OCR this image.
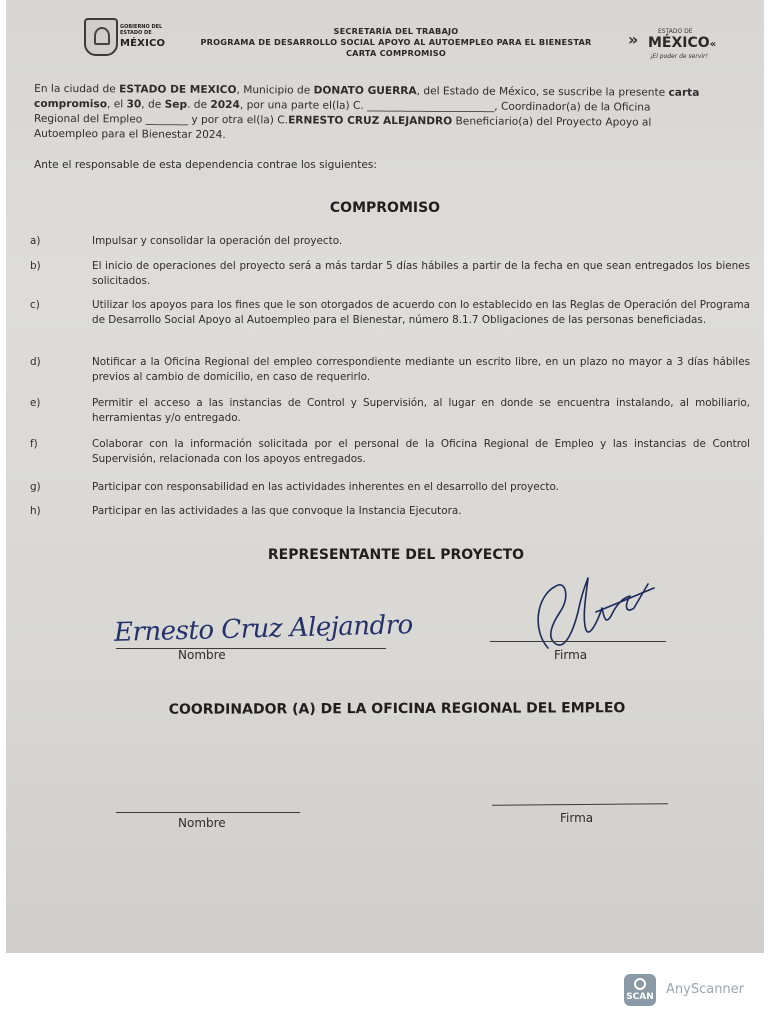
GOBIERNO DEL ESTADO DE
MÉXICO
SECRETARÍA DEL TRABAJO
PROGRAMA DE DESARROLLO SOCIAL APOYO AL AUTOEMPLEO PARA EL BIENESTAR
CARTA COMPROMISO
»	ESTADO DE
MÉXICO«
¡El poder de servir!
En la ciudad de ESTADO DE MEXICO, Municipio de DONATO GUERRA, del Estado de México, se suscribe la presente carta
compromiso, el 30, de Sep. de 2024, por una parte el(la) C. ________________________, Coordinador(a) de la Oficina
Regional del Empleo ________ y por otra el(la) C.ERNESTO CRUZ ALEJANDRO Beneficiario(a) del Proyecto Apoyo al
Autoempleo para el Bienestar 2024.
Ante el responsable de esta dependencia contrae los siguientes:
COMPROMISO
a)	Impulsar y consolidar la operación del proyecto.
b)	El inicio de operaciones del proyecto será a más tardar 5 días hábiles a partir de la fecha en que sean entregados los bienes solicitados.
c)	Utilizar los apoyos para los fines que le son otorgados de acuerdo con lo establecido en las Reglas de Operación del Programa de Desarrollo Social Apoyo al Autoempleo para el Bienestar, número 8.1.7 Obligaciones de las personas beneficiadas.
d)	Notificar a la Oficina Regional del empleo correspondiente mediante un escrito libre, en un plazo no mayor a 3 días hábiles previos al cambio de domicilio, en caso de requerirlo.
e)	Permitir el acceso a las instancias de Control y Supervisión, al lugar en donde se encuentra instalando, al mobiliario, herramientas y/o entregado.
f)	Colaborar con la información solicitada por el personal de la Oficina Regional de Empleo y las instancias de Control Supervisión, relacionada con los apoyos entregados.
g)	Participar con responsabilidad en las actividades inherentes en el desarrollo del proyecto.
h)	Participar en las actividades a las que convoque la Instancia Ejecutora.
REPRESENTANTE DEL PROYECTO
Ernesto Cruz Alejandro
Nombre	Firma
COORDINADOR (A) DE LA OFICINA REGIONAL DEL EMPLEO
Nombre	Firma
SCAN AnyScanner
